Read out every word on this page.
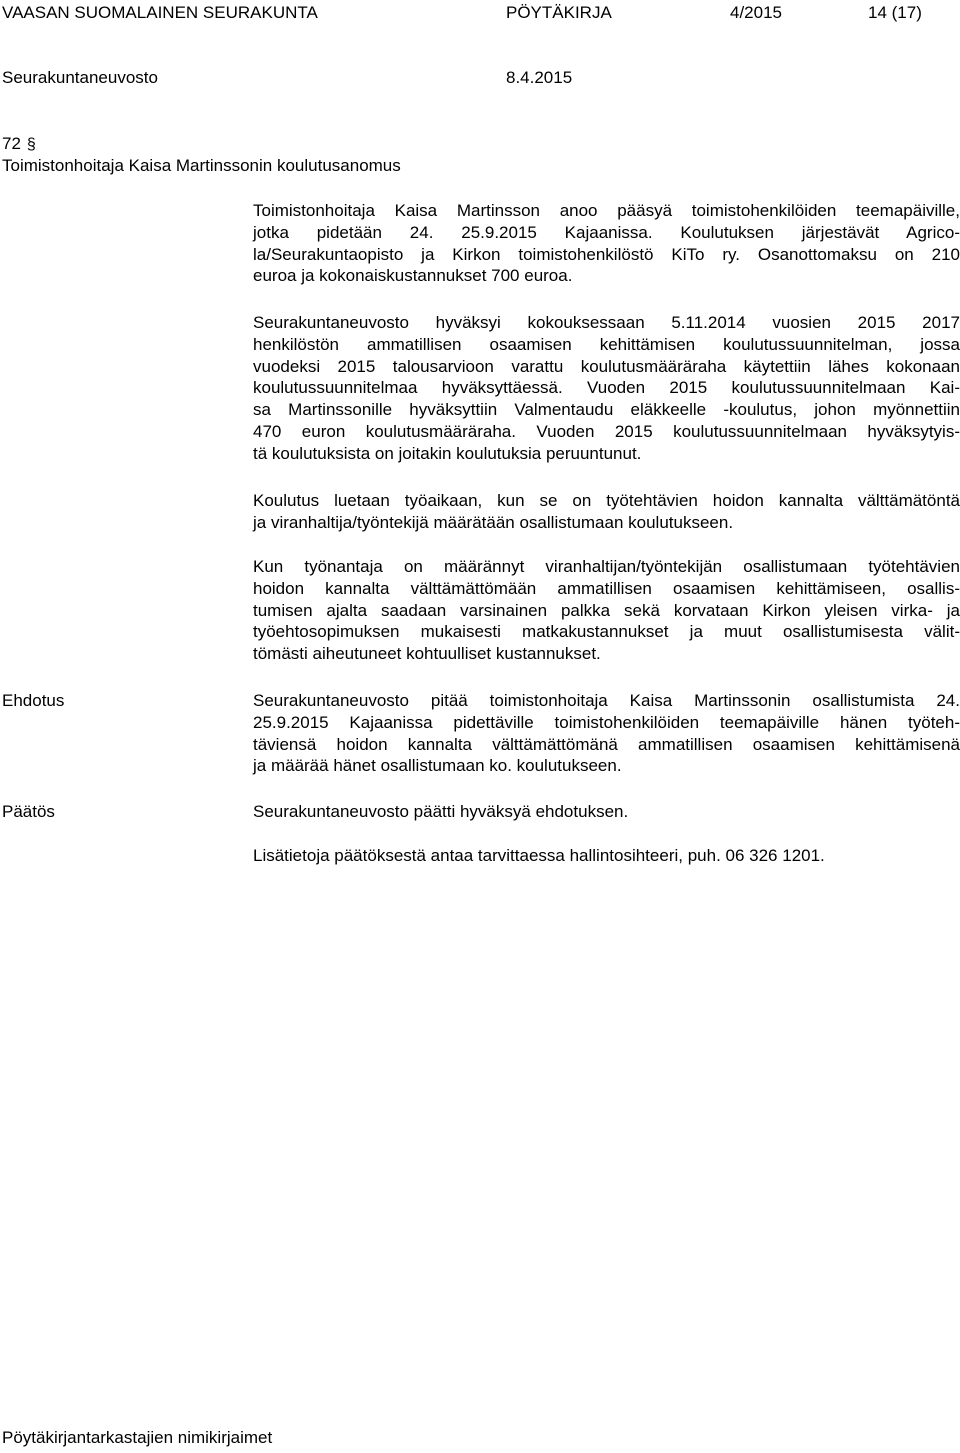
VAASAN SUOMALAINEN SEURAKUNTA	PÖYTÄKIRJA	4/2015	14 (17)
Seurakuntaneuvosto	8.4.2015
72 §
Toimistonhoitaja Kaisa Martinssonin koulutusanomus
Toimistonhoitaja Kaisa Martinsson anoo pääsyä toimistohenkilöiden teemapäiville,
jotka pidetään 24. 25.9.2015 Kajaanissa. Koulutuksen järjestävät Agrico-
la/Seurakuntaopisto ja Kirkon toimistohenkilöstö KiTo ry. Osanottomaksu on 210
euroa ja kokonaiskustannukset 700 euroa.
Seurakuntaneuvosto hyväksyi kokouksessaan 5.11.2014 vuosien 2015 2017
henkilöstön ammatillisen osaamisen kehittämisen koulutussuunnitelman, jossa
vuodeksi 2015 talousarvioon varattu koulutusmääräraha käytettiin lähes kokonaan
koulutussuunnitelmaa hyväksyttäessä. Vuoden 2015 koulutussuunnitelmaan Kai-
sa Martinssonille hyväksyttiin Valmentaudu eläkkeelle -koulutus, johon myönnettiin
470 euron koulutusmääräraha. Vuoden 2015 koulutussuunnitelmaan hyväksytyis-
tä koulutuksista on joitakin koulutuksia peruuntunut.
Koulutus luetaan työaikaan, kun se on työtehtävien hoidon kannalta välttämätöntä
ja viranhaltija/työntekijä määrätään osallistumaan koulutukseen.
Kun työnantaja on määrännyt viranhaltijan/työntekijän osallistumaan työtehtävien
hoidon kannalta välttämättömään ammatillisen osaamisen kehittämiseen, osallis-
tumisen ajalta saadaan varsinainen palkka sekä korvataan Kirkon yleisen virka- ja
työehtosopimuksen mukaisesti matkakustannukset ja muut osallistumisesta välit-
tömästi aiheutuneet kohtuulliset kustannukset.
Ehdotus	Seurakuntaneuvosto pitää toimistonhoitaja Kaisa Martinssonin osallistumista 24.
25.9.2015 Kajaanissa pidettäville toimistohenkilöiden teemapäiville hänen työteh-
täviensä hoidon kannalta välttämättömänä ammatillisen osaamisen kehittämisenä
ja määrää hänet osallistumaan ko. koulutukseen.
Päätös	Seurakuntaneuvosto päätti hyväksyä ehdotuksen.
Lisätietoja päätöksestä antaa tarvittaessa hallintosihteeri, puh. 06 326 1201.
Pöytäkirjantarkastajien nimikirjaimet
